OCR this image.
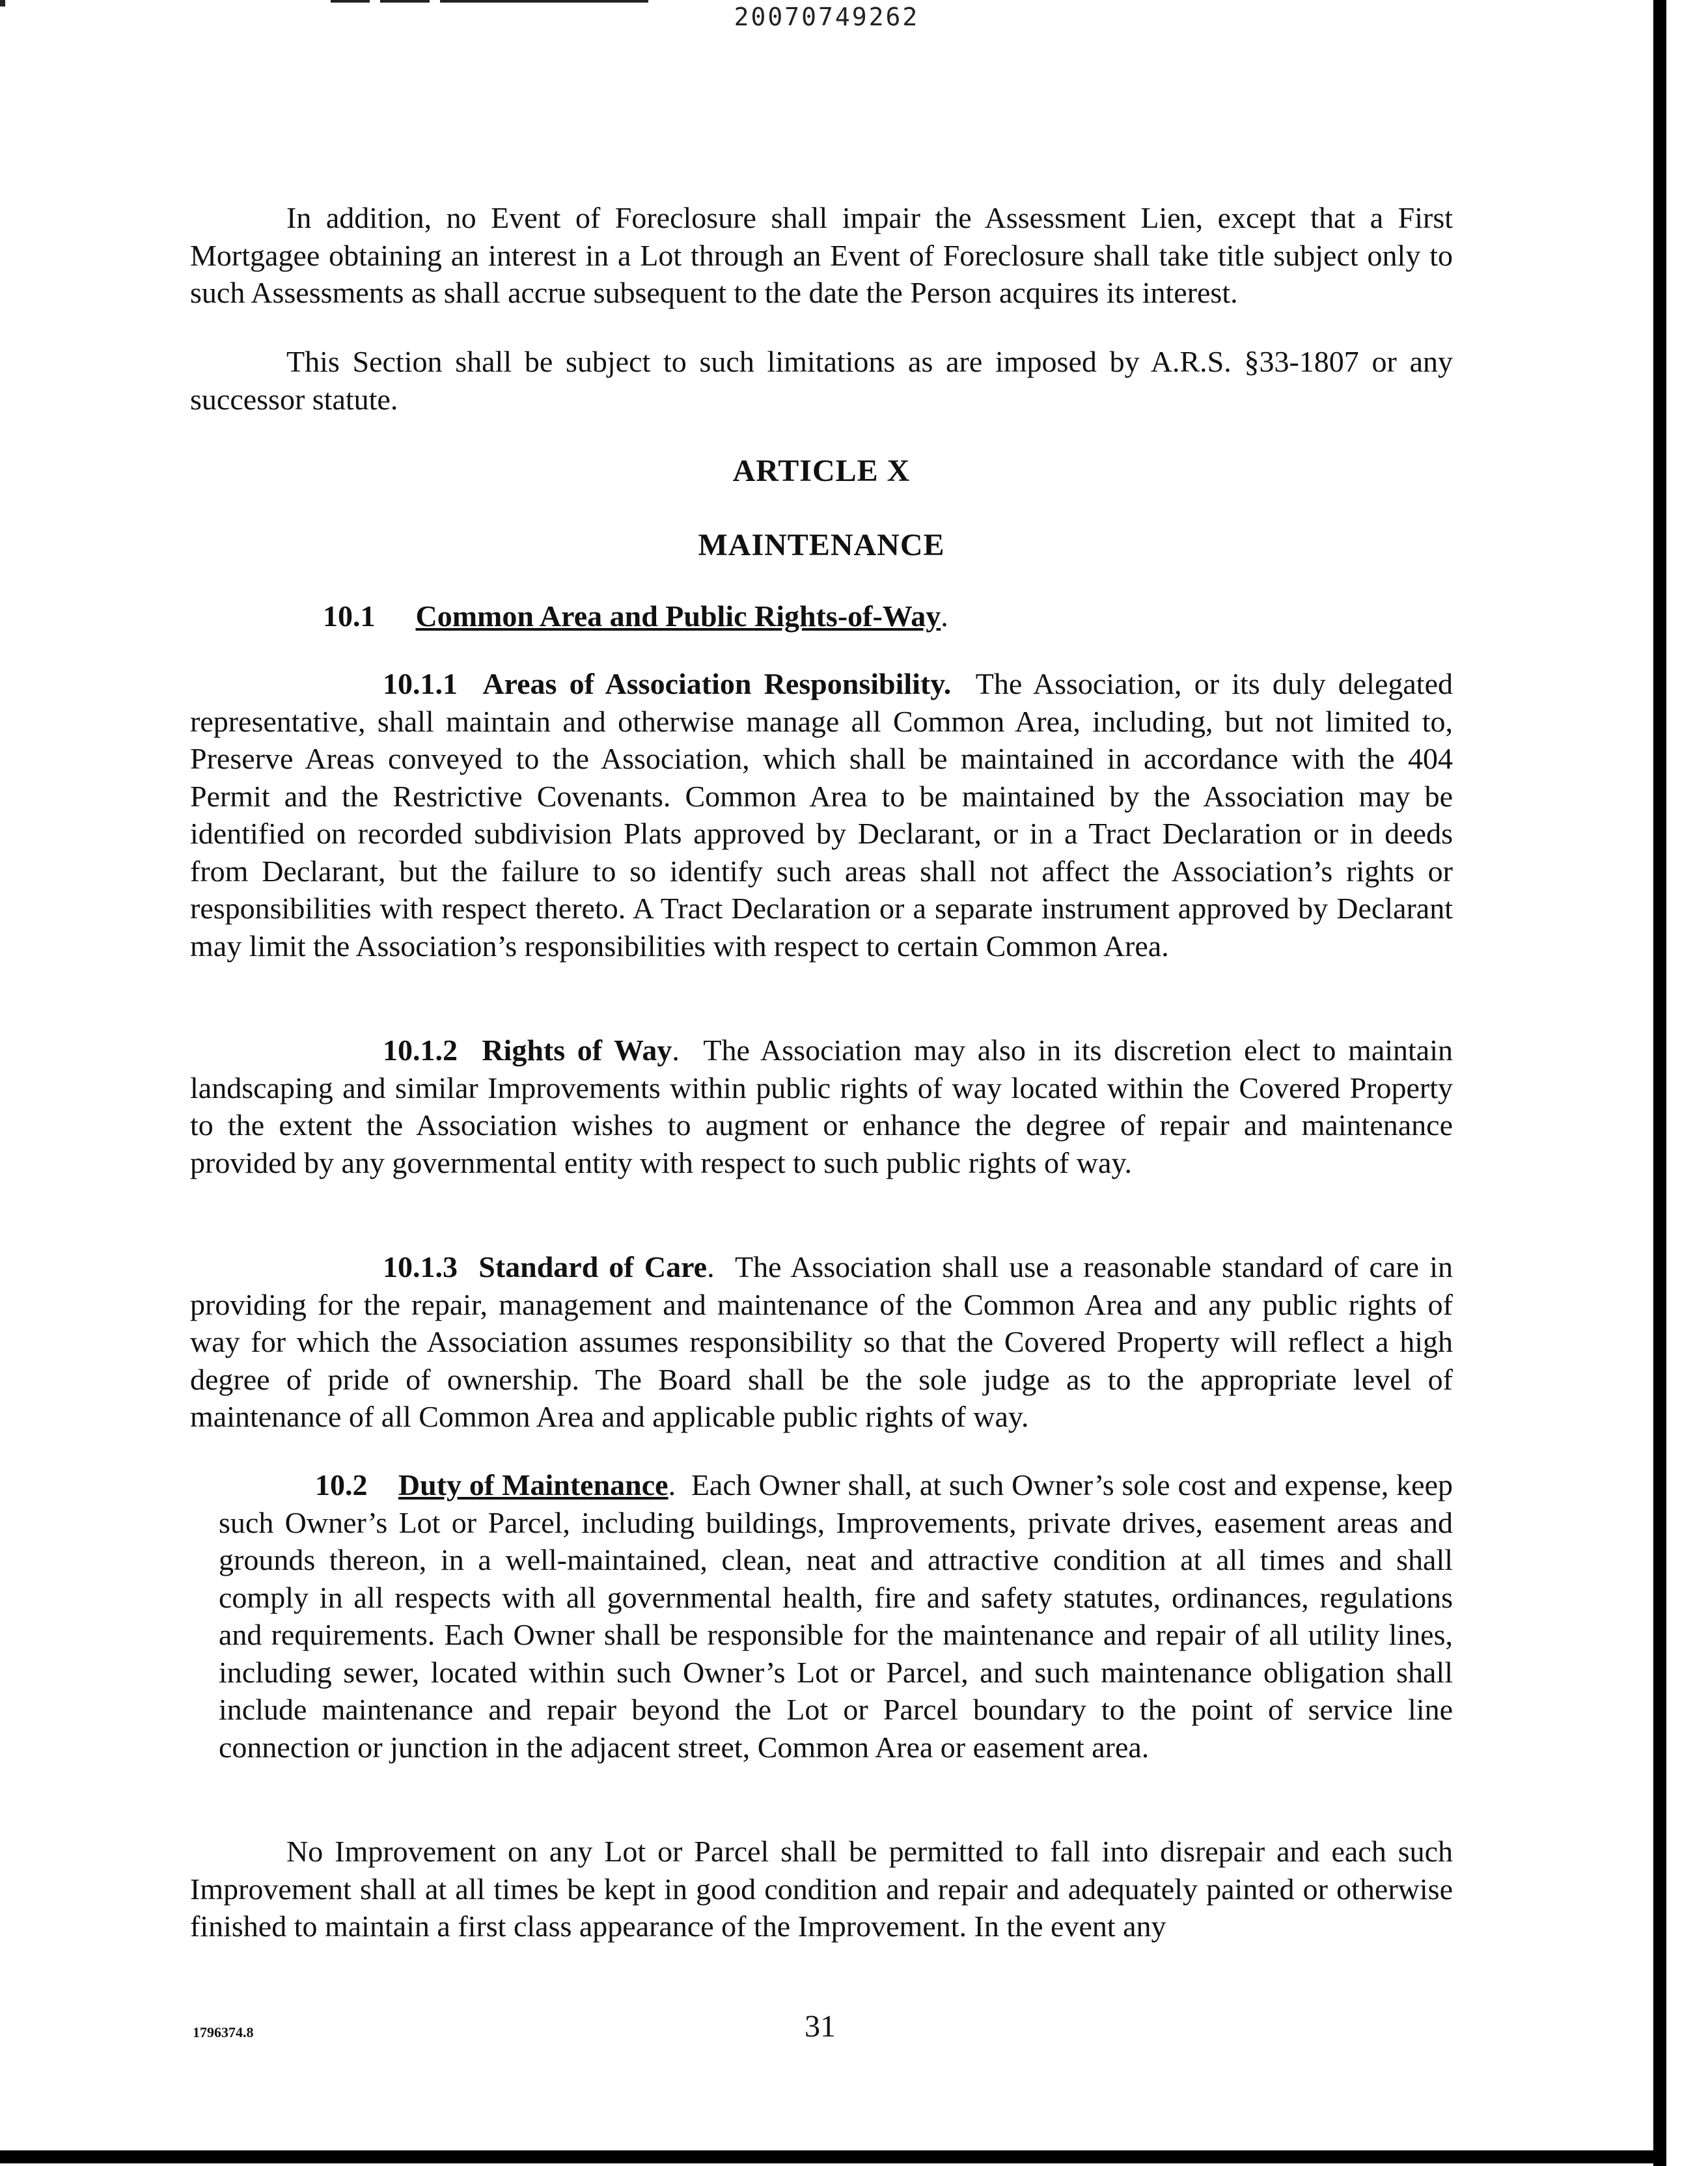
20070749262

In addition, no Event of Foreclosure shall impair the Assessment Lien, except that a First Mortgagee obtaining an interest in a Lot through an Event of Foreclosure shall take title subject only to such Assessments as shall accrue subsequent to the date the Person acquires its interest.

This Section shall be subject to such limitations as are imposed by A.R.S. §33-1807 or any successor statute.

ARTICLE X
MAINTENANCE
10.1 Common Area and Public Rights-of-Way.

10.1.1 Areas of Association Responsibility. The Association, or its duly delegated representative, shall maintain and otherwise manage all Common Area, including, but not limited to, Preserve Areas conveyed to the Association, which shall be maintained in accordance with the 404 Permit and the Restrictive Covenants. Common Area to be maintained by the Association may be identified on recorded subdivision Plats approved by Declarant, or in a Tract Declaration or in deeds from Declarant, but the failure to so identify such areas shall not affect the Association’s rights or responsibilities with respect thereto. A Tract Declaration or a separate instrument approved by Declarant may limit the Association’s responsibilities with respect to certain Common Area.

10.1.2 Rights of Way.  The Association may also in its discretion elect to maintain landscaping and similar Improvements within public rights of way located within the Covered Property to the extent the Association wishes to augment or enhance the degree of repair and maintenance provided by any governmental entity with respect to such public rights of way.

10.1.3 Standard of Care.  The Association shall use a reasonable standard of care in providing for the repair, management and maintenance of the Common Area and any public rights of way for which the Association assumes responsibility so that the Covered Property will reflect a high degree of pride of ownership. The Board shall be the sole judge as to the appropriate level of maintenance of all Common Area and applicable public rights of way.

10.2 Duty of Maintenance.  Each Owner shall, at such Owner’s sole cost and expense, keep such Owner’s Lot or Parcel, including buildings, Improvements, private drives, easement areas and grounds thereon, in a well-maintained, clean, neat and attractive condition at all times and shall comply in all respects with all governmental health, fire and safety statutes, ordinances, regulations and requirements. Each Owner shall be responsible for the maintenance and repair of all utility lines, including sewer, located within such Owner’s Lot or Parcel, and such maintenance obligation shall include maintenance and repair beyond the Lot or Parcel boundary to the point of service line connection or junction in the adjacent street, Common Area or easement area.

No Improvement on any Lot or Parcel shall be permitted to fall into disrepair and each such Improvement shall at all times be kept in good condition and repair and adequately painted or otherwise finished to maintain a first class appearance of the Improvement. In the event any

1796374.8	31
